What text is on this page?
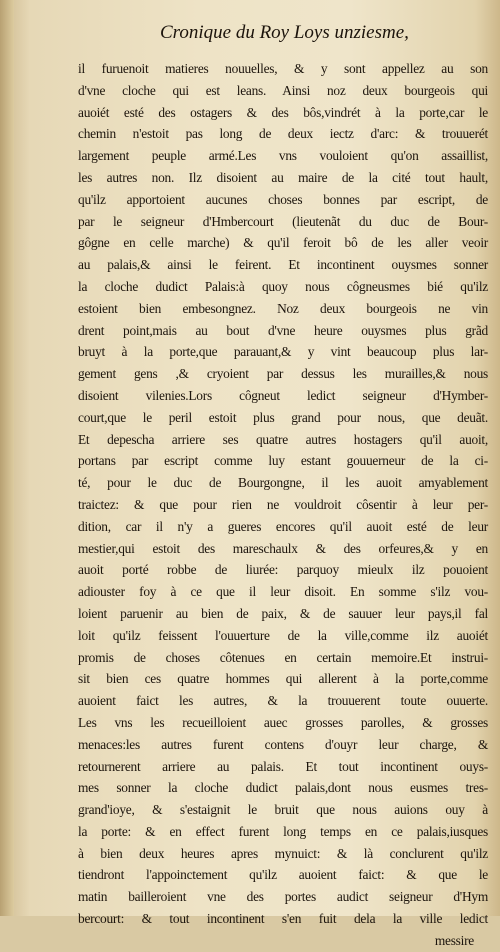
Cronique du Roy Loys unziesme,
il furuenoit matieres nouuelles, & y sont appellez au son
d'vne cloche qui est leans. Ainsi noz deux bourgeois qui
auoiét esté des ostagers & des bôs,vindrét à la porte,car le
chemin n'estoit pas long de deux iectz d'arc: & trouuerét
largement peuple armé.Les vns vouloient qu'on assaillist,
les autres non. Ilz disoient au maire de la cité tout hault,
qu'ilz apportoient aucunes choses bonnes par escript, de
par le seigneur d'Hmbercourt (lieutenãt du duc de Bour-
gôgne en celle marche) & qu'il feroit bô de les aller veoir
au palais,& ainsi le feirent. Et incontinent ouysmes sonner
la cloche dudict Palais:à quoy nous côgneusmes bié qu'ilz
estoient bien embesongnez. Noz deux bourgeois ne vin
drent point,mais au bout d'vne heure ouysmes plus grãd
bruyt à la porte,que parauant,& y vint beaucoup plus lar-
gement gens ,& cryoient par dessus les murailles,& nous
disoient vilenies.Lors côgneut ledict seigneur d'Hymber-
court,que le peril estoit plus grand pour nous, que deuãt.
Et depescha arriere ses quatre autres hostagers qu'il auoit,
portans par escript comme luy estant gouuerneur de la ci-
té, pour le duc de Bourgongne, il les auoit amyablement
traictez: & que pour rien ne vouldroit côsentir à leur per-
dition, car il n'y a gueres encores qu'il auoit esté de leur
mestier,qui estoit des mareschaulx & des orfeures,& y en
auoit porté robbe de liurée: parquoy mieulx ilz pouoient
adiouster foy à ce que il leur disoit. En somme s'ilz vou-
loient paruenir au bien de paix, & de sauuer leur pays,il fal
loit qu'ilz feissent l'ouuerture de la ville,comme ilz auoiét
promis de choses côtenues en certain memoire.Et instrui-
sit bien ces quatre hommes qui allerent à la porte,comme
auoient faict les autres, & la trouuerent toute ouuerte.
Les vns les recueilloient auec grosses parolles, & grosses
menaces:les autres furent contens d'ouyr leur charge, &
retournerent arriere au palais. Et tout incontinent ouys-
mes sonner la cloche dudict palais,dont nous eusmes tres-
grand'ioye, & s'estaignit le bruit que nous auions ouy à
la porte: & en effect furent long temps en ce palais,iusques
à bien deux heures apres mynuict: & là conclurent qu'ilz
tiendront l'appoinctement qu'ilz auoient faict: & que le
matin bailleroient vne des portes audict seigneur d'Hym
bercourt: & tout incontinent s'en fuit dela la ville ledict
messire
